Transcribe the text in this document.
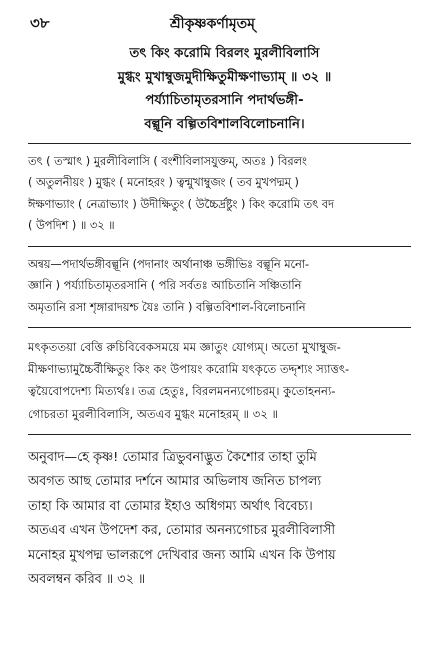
৩৮	শ্রীকৃষ্ণকর্ণামৃতম্
তৎ কিং করোমি বিরলং মুরলীবিলাসি
মুগ্ধং মুখাম্বুজমুদীক্ষিতুমীক্ষণাভ্যাম্ ॥ ৩২ ॥
পর্য্যাচিতামৃতরসানি পদার্থভঙ্গী-
বল্গূনি বল্গিতবিশালবিলোচনানি।
তৎ ( তস্মাৎ ) মুরলীবিলাসি ( বংশীবিলাসযুক্তম্, অতঃ ) বিরলং
( অতুলনীয়ং ) মুগ্ধং ( মনোহরং ) ত্বন্মুখাম্বুজং ( তব মুখপদ্মম্ )
ঈক্ষণাভ্যাং ( নেত্রাভ্যাং ) উদীক্ষিতুং ( উচ্চৈর্দ্রষ্টুং ) কিং করোমি তৎ বদ
( উপদিশ ) ॥ ৩২ ॥
অন্বয়—পদার্থভঙ্গীবল্গূনি (পদানাং অর্থানাঞ্চ ভঙ্গীভিঃ বল্গূনি মনো-
জ্ঞানি ) পর্য্যাচিতামৃতরসানি ( পরি সর্বতঃ আচিতানি সঞ্চিতানি
অমৃতানি রসা শৃঙ্গারাদয়শ্চ যৈঃ তানি ) বল্গিতবিশাল-বিলোচনানি
মৎকৃততয়া বেত্তি রুচিবিবেকসময়ে মম জ্ঞাতুং যোগ্যম্। অতো মুখাম্বুজ-
মীক্ষণাভ্যামুচ্চৈর্বীক্ষিতুং কিং কং উপায়ং করোমি যৎকৃতে তদ্দৃশ্যং স্যাত্তৎ-
ত্বয়ৈবোপদেশ্য মিত্যর্থঃ। তত্র হেতুঃ, বিরলমনন্যগোচরম্। কুতোহনন্য-
গোচরতা মুরলীবিলাসি, অতএব মুগ্ধং মনোহরম্ ॥ ৩২ ॥
অনুবাদ—হে কৃষ্ণ! তোমার ত্রিভুবনাদ্ভুত কৈশোর তাহা তুমি
অবগত আছ তোমার দর্শনে আমার অভিলাষ জনিত চাপল্য
তাহা কি আমার বা তোমার ইহাও অধিগম্য অর্থাৎ বিবেচ্য।
অতএব এখন উপদেশ কর, তোমার অনন্যগোচর মুরলীবিলাসী
মনোহর মুখপদ্ম ভালরূপে দেখিবার জন্য আমি এখন কি উপায়
অবলম্বন করিব ॥ ৩২ ॥
